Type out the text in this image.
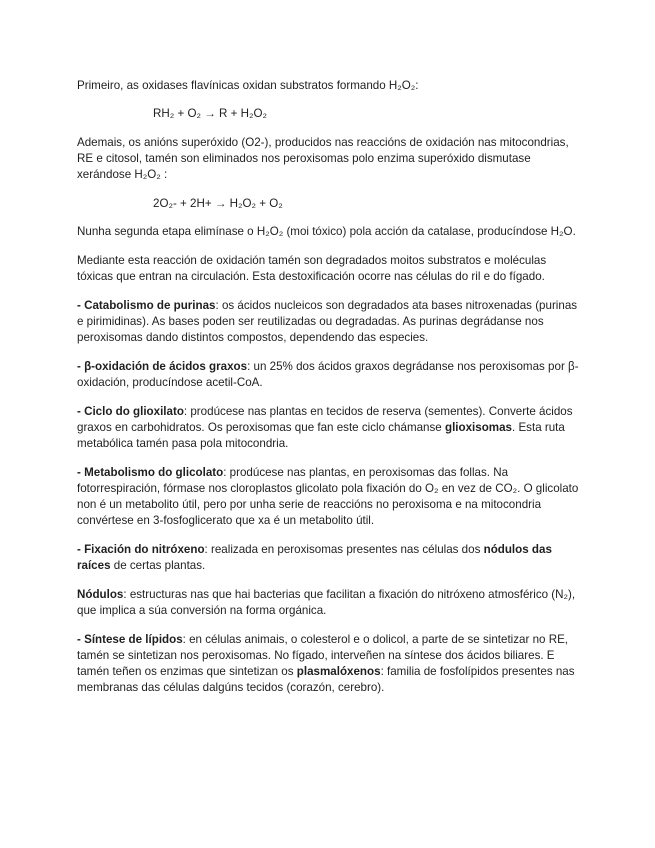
Primeiro, as oxidases flavínicas oxidan substratos formando H₂O₂:

RH₂ + O₂ → R + H₂O₂

Ademais, os anións superóxido (O2-), producidos nas reaccións de oxidación nas mitocondrias, RE e citosol, tamén son eliminados nos peroxisomas polo enzima superóxido dismutase xerándose H₂O₂ :

2O₂- + 2H+ → H₂O₂ + O₂

Nunha segunda etapa elimínase o H₂O₂ (moi tóxico) pola acción da catalase, producíndose H₂O.

Mediante esta reacción de oxidación tamén son degradados moitos substratos e moléculas tóxicas que entran na circulación. Esta destoxificación ocorre nas células do ril e do fígado.

- Catabolismo de purinas: os ácidos nucleicos son degradados ata bases nitroxenadas (purinas e pirimidinas). As bases poden ser reutilizadas ou degradadas. As purinas degrádanse nos peroxisomas dando distintos compostos, dependendo das especies.

- β-oxidación de ácidos graxos: un 25% dos ácidos graxos degrádanse nos peroxisomas por β-oxidación, producíndose acetil-CoA.

- Ciclo do glioxilato: prodúcese nas plantas en tecidos de reserva (sementes). Converte ácidos graxos en carbohidratos. Os peroxisomas que fan este ciclo chámanse glioxisomas. Esta ruta metabólica tamén pasa pola mitocondria.

- Metabolismo do glicolato: prodúcese nas plantas, en peroxisomas das follas. Na fotorrespiración, fórmase nos cloroplastos glicolato pola fixación do O₂ en vez de CO₂. O glicolato non é un metabolito útil, pero por unha serie de reaccións no peroxisoma e na mitocondria convértese en 3-fosfoglicerato que xa é un metabolito útil.

- Fixación do nitróxeno: realizada en peroxisomas presentes nas células dos nódulos das raíces de certas plantas.

Nódulos: estructuras nas que hai bacterias que facilitan a fixación do nitróxeno atmosférico (N₂), que implica a súa conversión na forma orgánica.

- Síntese de lípidos: en células animais, o colesterol e o dolicol, a parte de se sintetizar no RE, tamén se sintetizan nos peroxisomas. No fígado, interveñen na síntese dos ácidos biliares. E tamén teñen os enzimas que sintetizan os plasmalóxenos: familia de fosfolípidos presentes nas membranas das células dalgúns tecidos (corazón, cerebro).
